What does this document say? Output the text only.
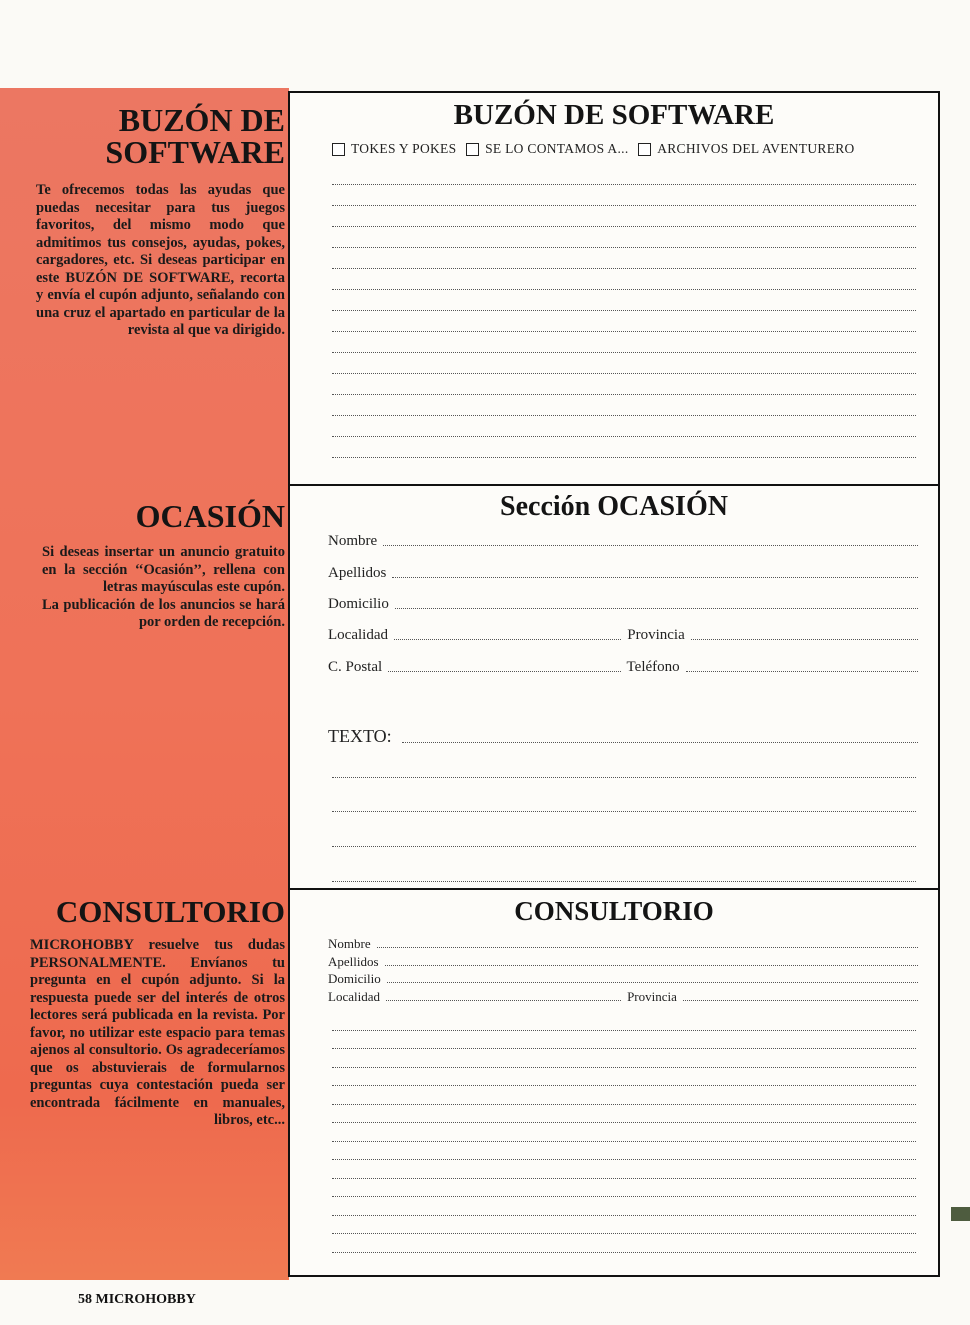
BUZÓN DE
SOFTWARE

Te ofrecemos todas las ayudas que puedas necesitar para tus juegos favoritos, del mismo modo que admitimos tus consejos, ayudas, pokes, cargadores, etc. Si deseas participar en este BUZÓN DE SOFTWARE, recorta y envía el cupón adjunto, señalando con una cruz el apartado en particular de la revista al que va dirigido.

OCASIÓN

Si deseas insertar un anuncio gratuito en la sección ‘‘Ocasión’’, rellena con letras mayúsculas este cupón.

La publicación de los anuncios se hará por orden de recepción.

CONSULTORIO

MICROHOBBY resuelve tus dudas PERSONALMENTE. Envíanos tu pregunta en el cupón adjunto. Si la respuesta puede ser del interés de otros lectores será publicada en la revista. Por favor, no utilizar este espacio para temas ajenos al consultorio. Os agradeceríamos que os abstuvierais de formularnos preguntas cuya contestación pueda ser encontrada fácilmente en manuales, libros, etc...

BUZÓN DE SOFTWARE

TOKES Y POKES
SE LO CONTAMOS A...
ARCHIVOS DEL AVENTURERO

Sección OCASIÓN

Nombre
Apellidos
Domicilio
Localidad	Provincia
C. Postal	Teléfono
TEXTO:

CONSULTORIO

Nombre
Apellidos
Domicilio
Localidad	Provincia
58 MICROHOBBY
